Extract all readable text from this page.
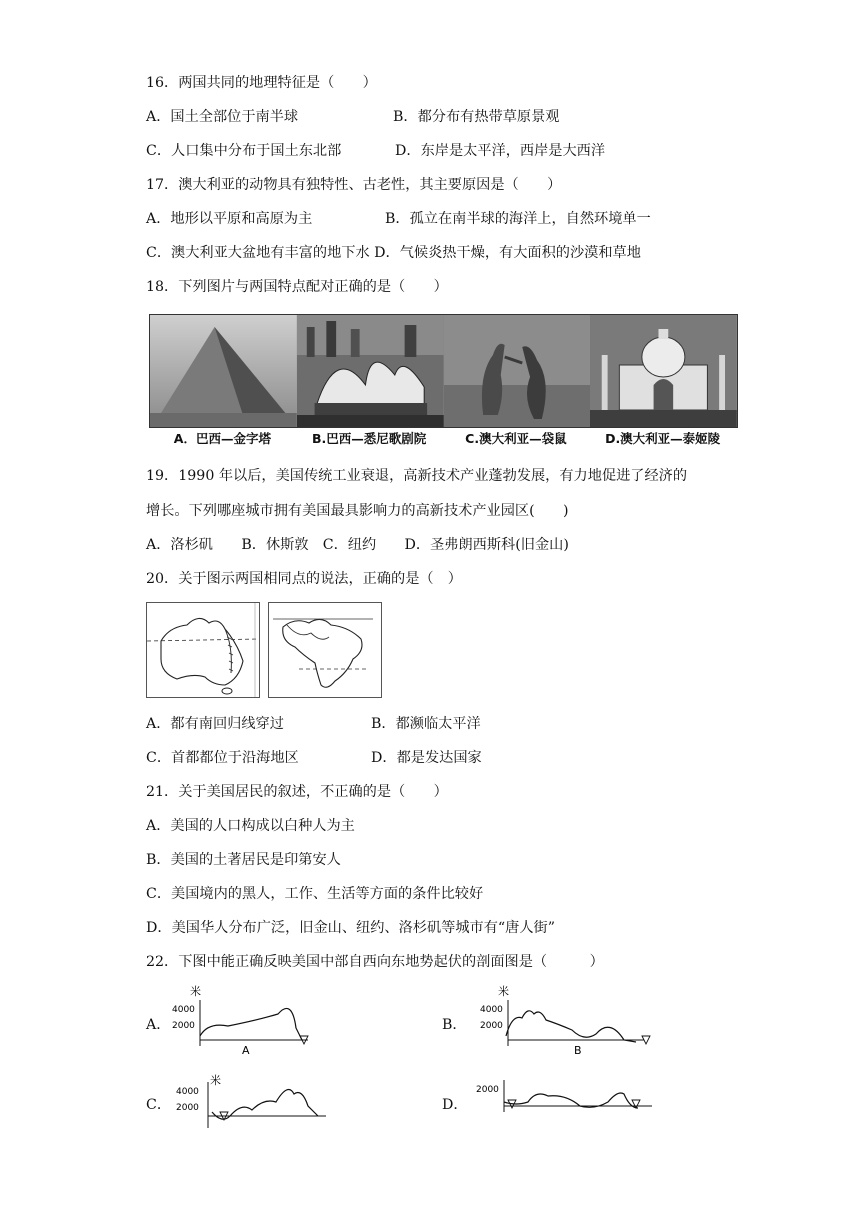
16．两国共同的地理特征是（　　）
A．国土全部位于南半球	B．都分布有热带草原景观
C．人口集中分布于国土东北部	D．东岸是太平洋，西岸是大西洋
17．澳大利亚的动物具有独特性、古老性，其主要原因是（　　）
A．地形以平原和高原为主	B．孤立在南半球的海洋上，自然环境单一
C．澳大利亚大盆地有丰富的地下水 D．气候炎热干燥，有大面积的沙漠和草地
18．下列图片与两国特点配对正确的是（　　）
A．巴西—金字塔	B.巴西—悉尼歌剧院	C.澳大利亚—袋鼠	D.澳大利亚—泰姬陵
19．1990 年以后，美国传统工业衰退，高新技术产业蓬勃发展，有力地促进了经济的
增长。下列哪座城市拥有美国最具影响力的高新技术产业园区(　　)
A．洛杉矶　　B．休斯敦　C．纽约　　D．圣弗朗西斯科(旧金山)
20．关于图示两国相同点的说法，正确的是（　）
A．都有南回归线穿过	B．都濒临太平洋
C．首都都位于沿海地区	D．都是发达国家
21．关于美国居民的叙述，不正确的是（　　）
A．美国的人口构成以白种人为主
B．美国的土著居民是印第安人
C．美国境内的黑人，工作、生活等方面的条件比较好
D．美国华人分布广泛，旧金山、纽约、洛杉矶等城市有“唐人街”
22．下图中能正确反映美国中部自西向东地势起伏的剖面图是（　　　）
A．	B．
C．	D．
米
4000
2000
A
米
4000
2000
B
米
4000
2000
2000
